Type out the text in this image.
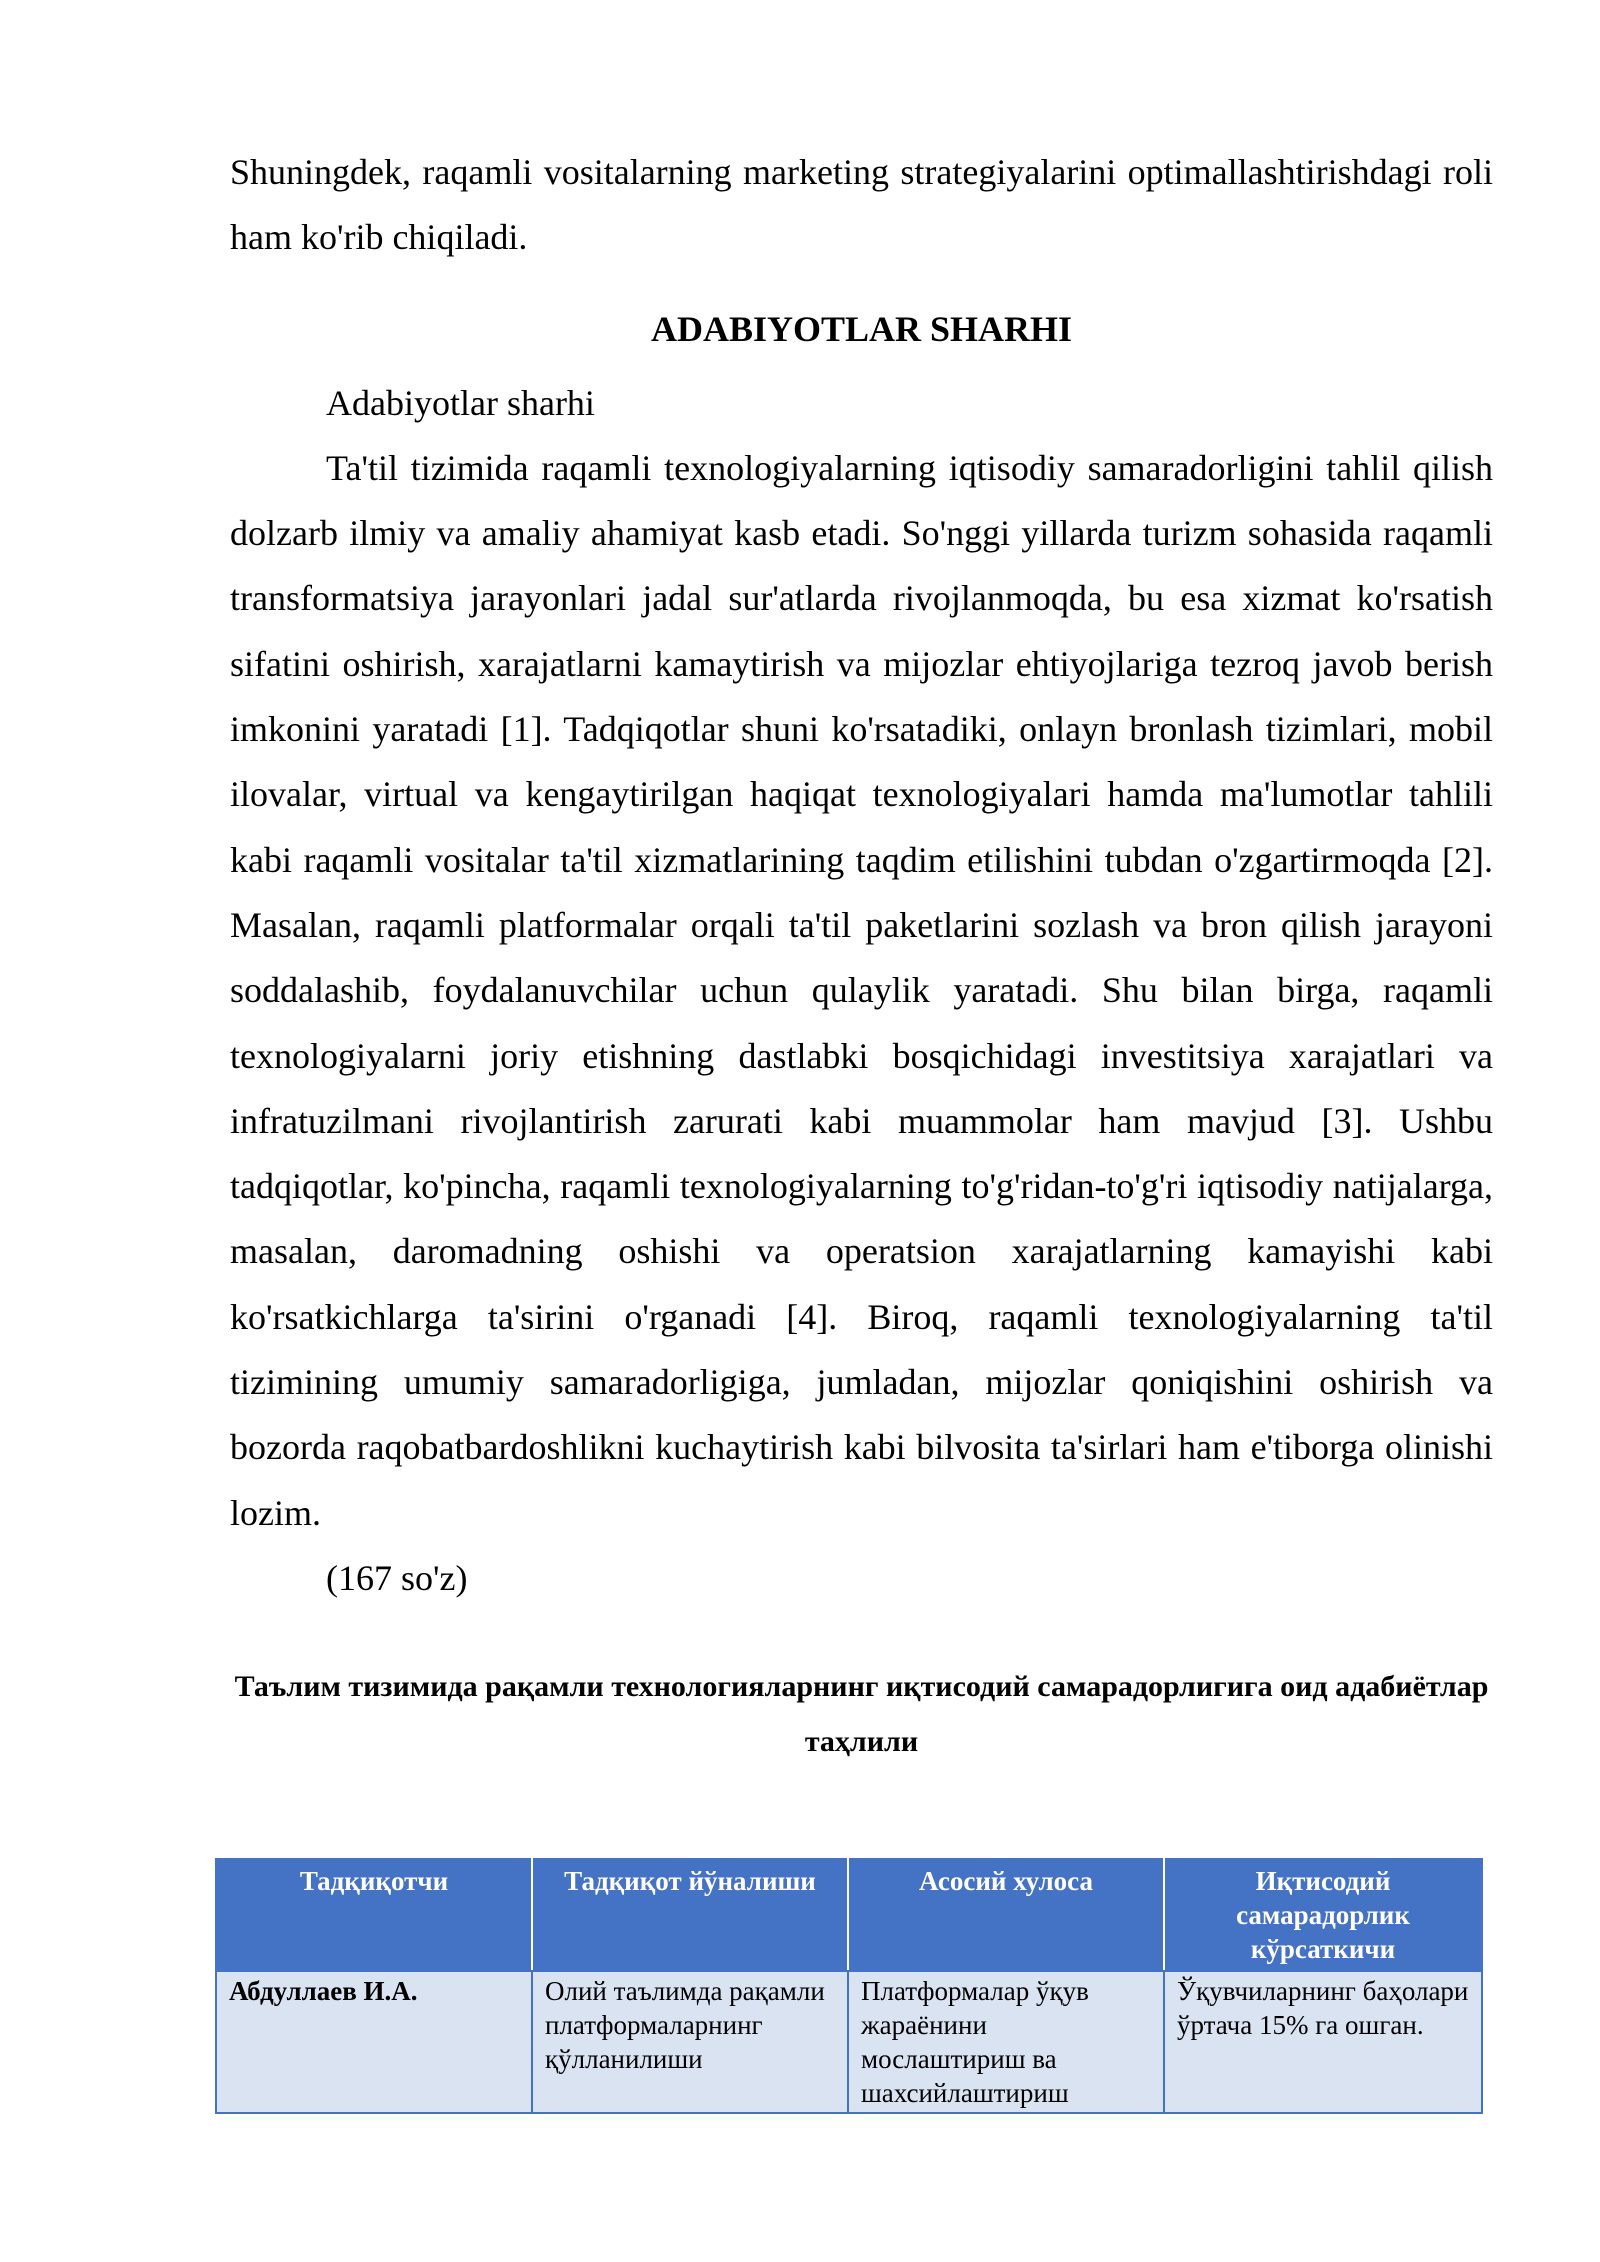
Shuningdek, raqamli vositalarning marketing strategiyalarini optimallashtirishdagi roli ham ko'rib chiqiladi.

ADABIYOTLAR SHARHI

Adabiyotlar sharhi

Ta'til tizimida raqamli texnologiyalarning iqtisodiy samaradorligini tahlil qilish dolzarb ilmiy va amaliy ahamiyat kasb etadi. So'nggi yillarda turizm sohasida raqamli transformatsiya jarayonlari jadal sur'atlarda rivojlanmoqda, bu esa xizmat ko'rsatish sifatini oshirish, xarajatlarni kamaytirish va mijozlar ehtiyojlariga tezroq javob berish imkonini yaratadi [1]. Tadqiqotlar shuni ko'rsatadiki, onlayn bronlash tizimlari, mobil ilovalar, virtual va kengaytirilgan haqiqat texnologiyalari hamda ma'lumotlar tahlili kabi raqamli vositalar ta'til xizmatlarining taqdim etilishini tubdan o'zgartirmoqda [2]. Masalan, raqamli platformalar orqali ta'til paketlarini sozlash va bron qilish jarayoni soddalashib, foydalanuvchilar uchun qulaylik yaratadi. Shu bilan birga, raqamli texnologiyalarni joriy etishning dastlabki bosqichidagi investitsiya xarajatlari va infratuzilmani rivojlantirish zarurati kabi muammolar ham mavjud [3]. Ushbu tadqiqotlar, ko'pincha, raqamli texnologiyalarning to'g'ridan-to'g'ri iqtisodiy natijalarga, masalan, daromadning oshishi va operatsion xarajatlarning kamayishi kabi ko'rsatkichlarga ta'sirini o'rganadi [4]. Biroq, raqamli texnologiyalarning ta'til tizimining umumiy samaradorligiga, jumladan, mijozlar qoniqishini oshirish va bozorda raqobatbardoshlikni kuchaytirish kabi bilvosita ta'sirlari ham e'tiborga olinishi lozim.

(167 so'z)

Таълим тизимида рақамли технологияларнинг иқтисодий самарадорлигига оид адабиётлар таҳлили

Тадқиқотчи	Тадқиқот йўналиши	Асосий хулоса	Иқтисодий самарадорлик кўрсаткичи
Абдуллаев И.А.	Олий таълимда рақамли платформаларнинг қўлланилиши	Платформалар ўқув жараёнини мослаштириш ва шахсийлаштириш	Ўқувчиларнинг баҳолари ўртача 15% га ошган.
